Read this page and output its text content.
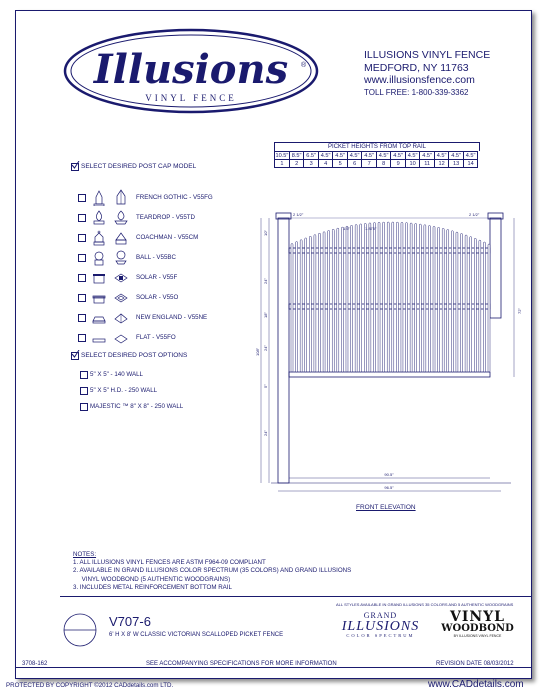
Illusions
VINYL FENCE
®
ILLUSIONS VINYL FENCE
MEDFORD, NY 11763
www.illusionsfence.com
TOLL FREE: 1-800-339-3362
PICKET HEIGHTS FROM TOP RAIL
10.5"	8.5"	6.5"	4.5"	4.5"	4.5"	4.5"	4.5"	4.5"	4.5"	4.5"	4.5"	4.5"	4.5"
1	2	3	4	5	6	7	8	9	10	11	12	13	14
SELECT DESIRED POST CAP MODEL
FRENCH GOTHIC - V55FG
TEARDROP - V55TD
COACHMAN - V55CM
BALL - V55BC
SOLAR - V55F
SOLAR - V55O
NEW ENGLAND - V55NE
FLAT - V55FO
SELECT DESIRED POST OPTIONS
5" X 5" - 140 WALL
5" X 5" H.D. - 250 WALL
MAJESTIC ™ 8" X 8" - 250 WALL
10"
24"
18"
24"
5"
24"
108"
72"
2 1/2"	2 1/2"
1.5"	1.875"
90.5"
96.5"
FRONT ELEVATION
NOTES:
1. ALL ILLUSIONS VINYL FENCES ARE ASTM F964-09 COMPLIANT
2. AVAILABLE IN GRAND ILLUSIONS COLOR SPECTRUM (35 COLORS) AND GRAND ILLUSIONS
VINYL WOODBOND (5 AUTHENTIC WOODGRAINS)
3. INCLUDES METAL REINFORCEMENT BOTTOM RAIL
V707-6
6' H X 8' W CLASSIC VICTORIAN SCALLOPED PICKET FENCE
ALL STYLES AVAILABLE IN GRAND ILLUSIONS 35 COLORS AND 5 AUTHENTIC WOODGRAINS
GRAND
ILLUSIONS
COLOR SPECTRUM
VINYL
WOODBOND
BY ILLUSIONS VINYL FENCE
3708-162	SEE ACCOMPANYING SPECIFICATIONS FOR MORE INFORMATION	REVISION DATE 08/03/2012
PROTECTED BY COPYRIGHT ©2012 CADdetails.com LTD.	www.CADdetails.com
